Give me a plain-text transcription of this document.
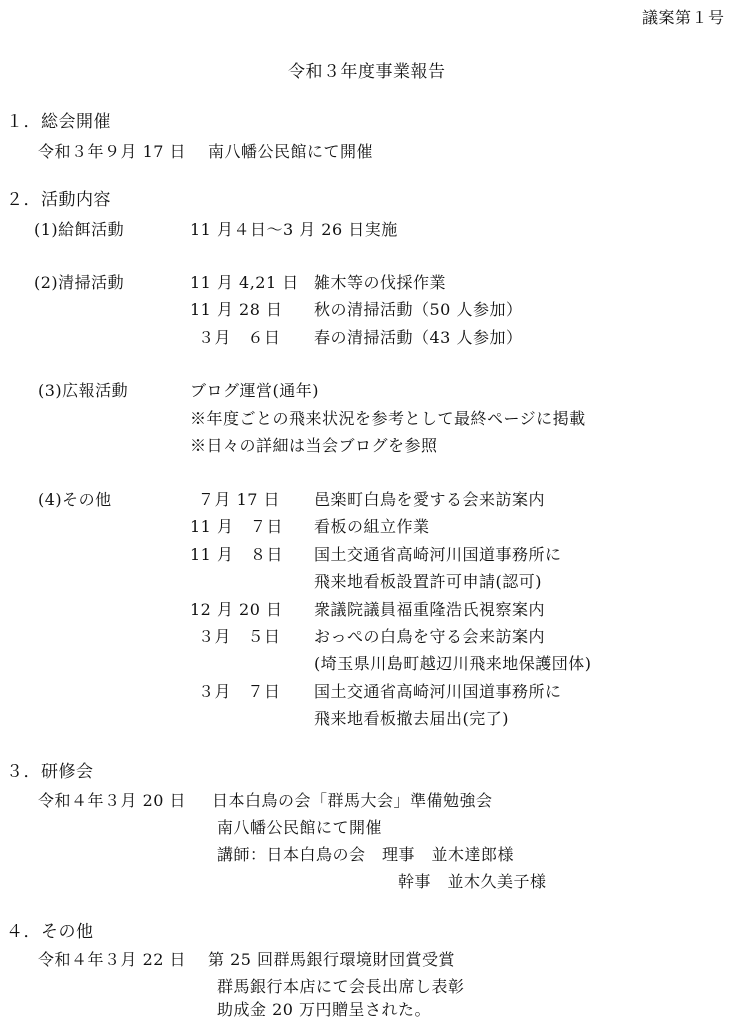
議案第１号
令和３年度事業報告
１．総会開催
令和３年９月 17 日 南八幡公民館にて開催
２．活動内容
(1)給餌活動	11 月４日～3 月 26 日実施
(2)清掃活動	11 月 4,21 日 雑木等の伐採作業
11 月 28 日 秋の清掃活動（50 人参加）
３月　６日 春の清掃活動（43 人参加）
(3)広報活動	ブログ運営(通年)
※年度ごとの飛来状況を参考として最終ページに掲載
※日々の詳細は当会ブログを参照
(4)その他	７月 17 日 邑楽町白鳥を愛する会来訪案内
11 月　７日 看板の組立作業
11 月　８日 国土交通省高崎河川国道事務所に
飛来地看板設置許可申請(認可)
12 月 20 日 衆議院議員福重隆浩氏視察案内
３月　５日 おっぺの白鳥を守る会来訪案内
(埼玉県川島町越辺川飛来地保護団体)
３月　７日 国土交通省高崎河川国道事務所に
飛来地看板撤去届出(完了)
３．研修会
令和４年３月 20 日 日本白鳥の会「群馬大会」準備勉強会
南八幡公民館にて開催
講師：日本白鳥の会　理事　並木達郎様
幹事　並木久美子様
４．その他
令和４年３月 22 日 第 25 回群馬銀行環境財団賞受賞
群馬銀行本店にて会長出席し表彰
助成金 20 万円贈呈された。
